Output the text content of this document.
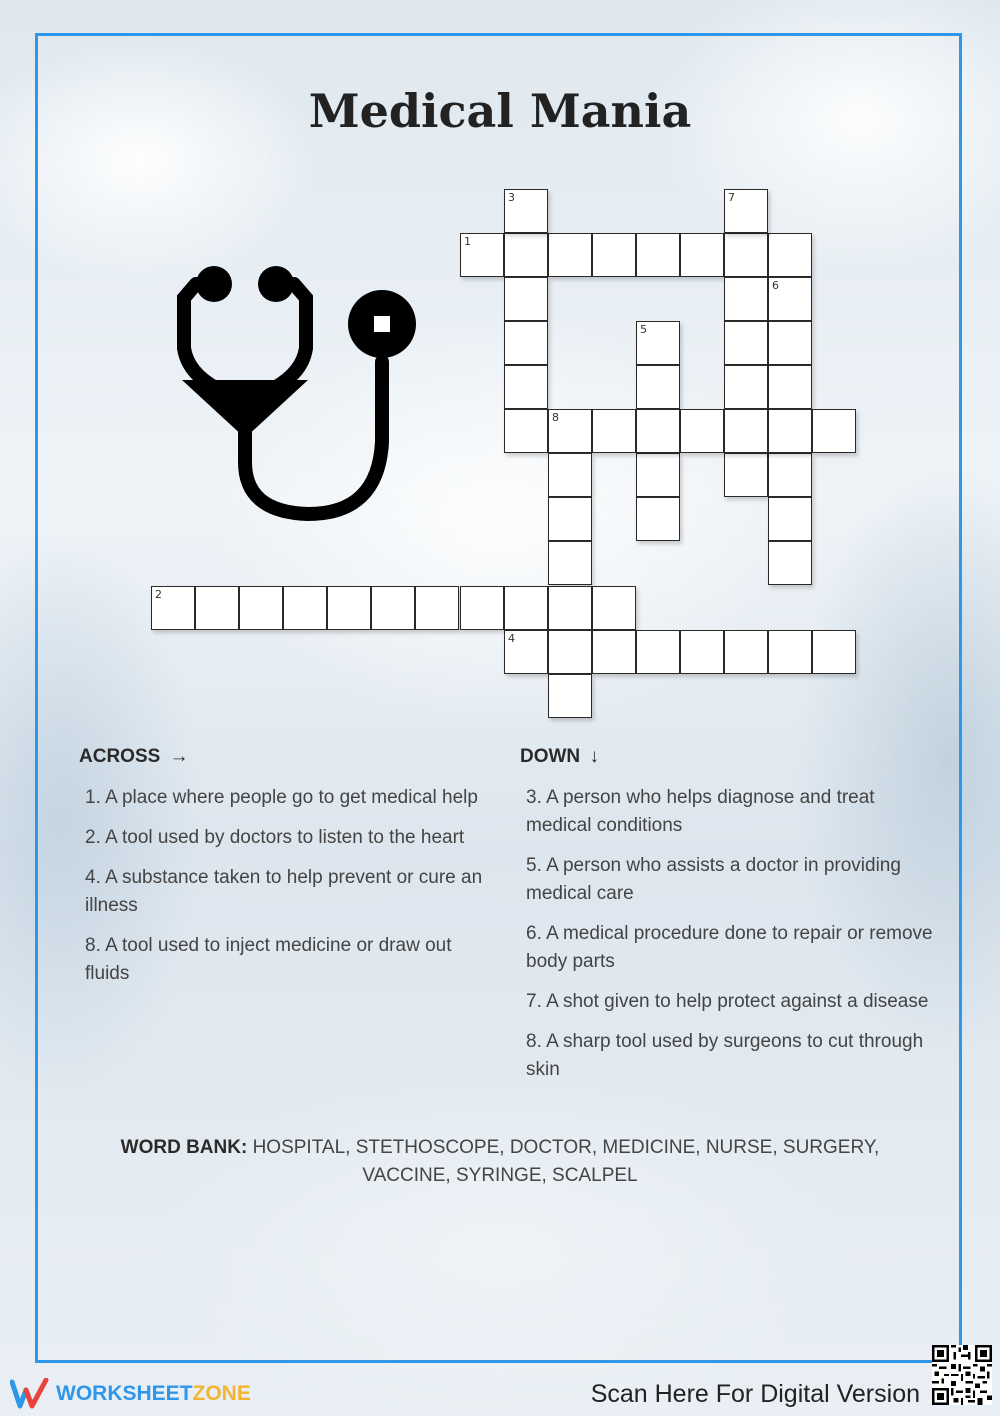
Medical Mania
1
3	7
6
5
8
2
4
ACROSS →	DOWN ↓
1. A place where people go to get medical help
2. A tool used by doctors to listen to the heart
4. A substance taken to help prevent or cure an illness
8. A tool used to inject medicine or draw out fluids
3. A person who helps diagnose and treat medical conditions
5. A person who assists a doctor in providing medical care
6. A medical procedure done to repair or remove body parts
7. A shot given to help protect against a disease
8. A sharp tool used by surgeons to cut through skin
WORD BANK: HOSPITAL, STETHOSCOPE, DOCTOR, MEDICINE, NURSE, SURGERY, VACCINE, SYRINGE, SCALPEL
WORKSHEETZONE	Scan Here For Digital Version
